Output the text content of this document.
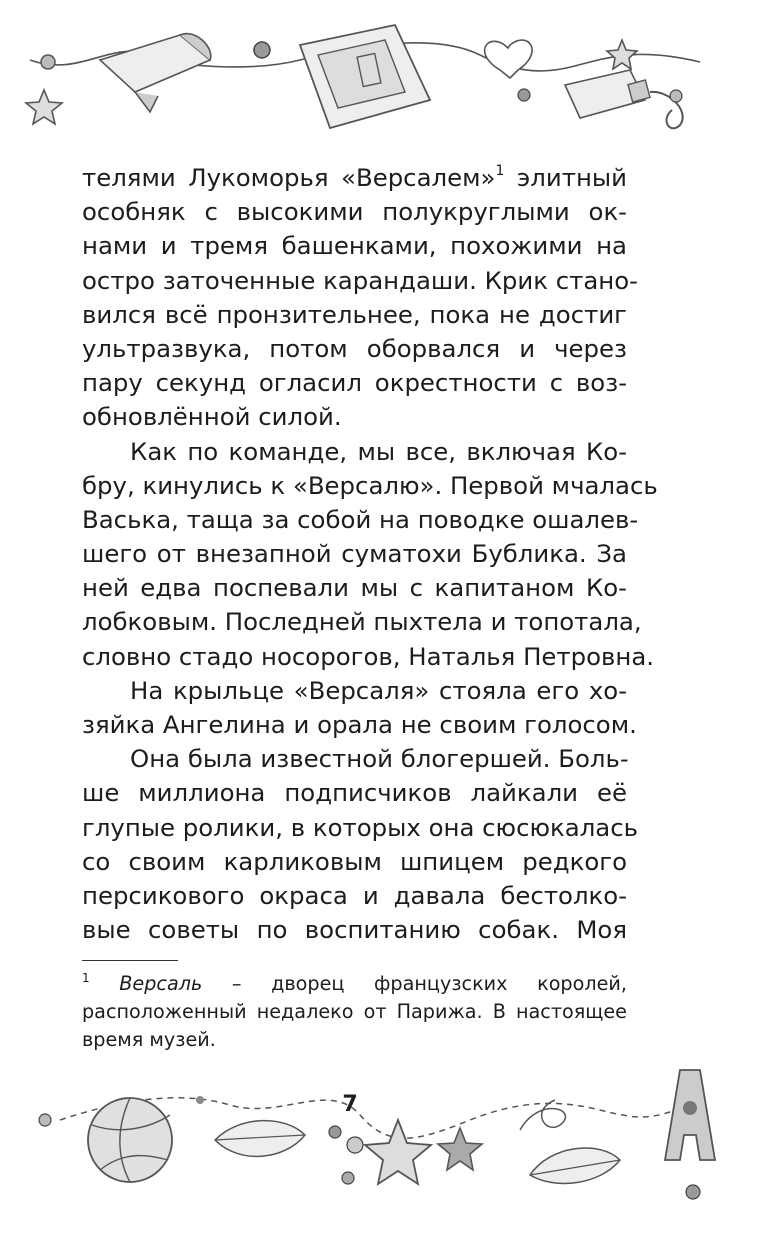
телями Лукоморья «Версалем»$^1$ элитный
особняк с высокими полукруглыми ок-
нами и тремя башенками, похожими на
остро заточенные карандаши. Крик стано-
вился всё пронзительнее, пока не достиг
ультразвука, потом оборвался и через
пару секунд огласил окрестности с воз-
обновлённой силой.
Как по команде, мы все, включая Ко-
бру, кинулись к «Версалю». Первой мчалась
Васька, таща за собой на поводке ошалев-
шего от внезапной суматохи Бублика. За
ней едва поспевали мы с капитаном Ко-
лобковым. Последней пыхтела и топотала,
словно стадо носорогов, Наталья Петровна.
На крыльце «Версаля» стояла его хо-
зяйка Ангелина и орала не своим голосом.
Она была известной блогершей. Боль-
ше миллиона подписчиков лайкали её
глупые ролики, в которых она сюсюкалась
со своим карликовым шпицем редкого
персикового окраса и давала бестолко-
вые советы по воспитанию собак. Моя
$^1$ Версаль – дворец французских королей,
расположенный недалеко от Парижа. В настоящее
время музей.
7
